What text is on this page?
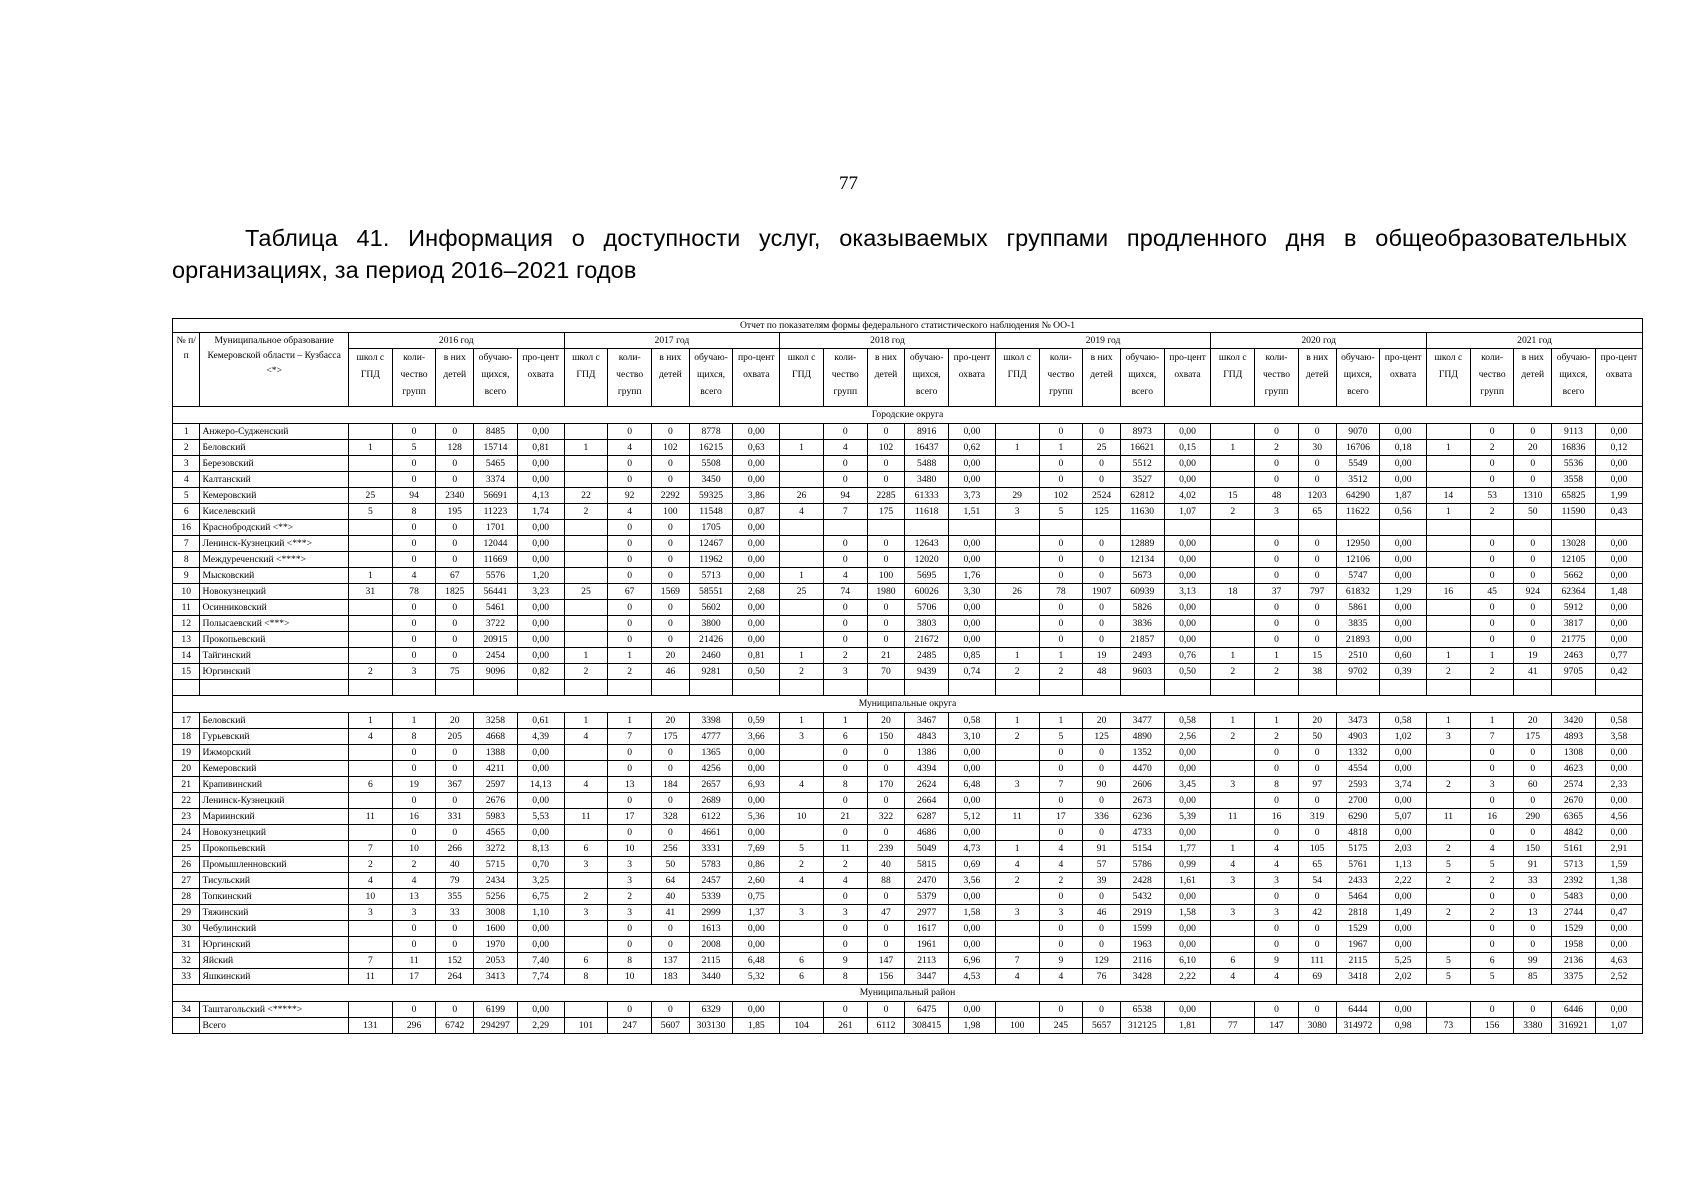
77
Таблица 41. Информация о доступности услуг, оказываемых группами продленного дня в общеобразовательных организациях, за период 2016–2021 годов
Отчет по показателям формы федерального статистического наблюдения № ОО-1																															
№ п/п	Муниципальное образование Кемеровской области – Кузбасса <*>	2016 год					2017 год					2018 год					2019 год					2020 год					2021 год				
		школ с ГПД	коли-чество групп	в них детей	обучаю-щихся, всего	про-цент охвата	школ с ГПД	коли-чество групп	в них детей	обучаю-щихся, всего	про-цент охвата	школ с ГПД	коли-чество групп	в них детей	обучаю-щихся, всего	про-цент охвата	школ с ГПД	коли-чество групп	в них детей	обучаю-щихся, всего	про-цент охвата	школ с ГПД	коли-чество групп	в них детей	обучаю-щихся, всего	про-цент охвата	школ с ГПД	коли-чество групп	в них детей	обучаю-щихся, всего	про-цент охвата
Городские округа																															
1	Анжеро-Судженский		0	0	8485	0,00		0	0	8778	0,00		0	0	8916	0,00		0	0	8973	0,00		0	0	9070	0,00		0	0	9113	0,00
2	Беловский	1	5	128	15714	0,81	1	4	102	16215	0,63	1	4	102	16437	0,62	1	1	25	16621	0,15	1	2	30	16706	0,18	1	2	20	16836	0,12
3	Березовский		0	0	5465	0,00		0	0	5508	0,00		0	0	5488	0,00		0	0	5512	0,00		0	0	5549	0,00		0	0	5536	0,00
4	Калтанский		0	0	3374	0,00		0	0	3450	0,00		0	0	3480	0,00		0	0	3527	0,00		0	0	3512	0,00		0	0	3558	0,00
5	Кемеровский	25	94	2340	56691	4,13	22	92	2292	59325	3,86	26	94	2285	61333	3,73	29	102	2524	62812	4,02	15	48	1203	64290	1,87	14	53	1310	65825	1,99
6	Киселевский	5	8	195	11223	1,74	2	4	100	11548	0,87	4	7	175	11618	1,51	3	5	125	11630	1,07	2	3	65	11622	0,56	1	2	50	11590	0,43
16	Краснобродский <**>		0	0	1701	0,00		0	0	1705	0,00																				
7	Ленинск-Кузнецкий <***>		0	0	12044	0,00		0	0	12467	0,00		0	0	12643	0,00		0	0	12889	0,00		0	0	12950	0,00		0	0	13028	0,00
8	Междуреченский <****>		0	0	11669	0,00		0	0	11962	0,00		0	0	12020	0,00		0	0	12134	0,00		0	0	12106	0,00		0	0	12105	0,00
9	Мысковский	1	4	67	5576	1,20		0	0	5713	0,00	1	4	100	5695	1,76		0	0	5673	0,00		0	0	5747	0,00		0	0	5662	0,00
10	Новокузнецкий	31	78	1825	56441	3,23	25	67	1569	58551	2,68	25	74	1980	60026	3,30	26	78	1907	60939	3,13	18	37	797	61832	1,29	16	45	924	62364	1,48
11	Осинниковский		0	0	5461	0,00		0	0	5602	0,00		0	0	5706	0,00		0	0	5826	0,00		0	0	5861	0,00		0	0	5912	0,00
12	Полысаевский <***>		0	0	3722	0,00		0	0	3800	0,00		0	0	3803	0,00		0	0	3836	0,00		0	0	3835	0,00		0	0	3817	0,00
13	Прокопьевский		0	0	20915	0,00		0	0	21426	0,00		0	0	21672	0,00		0	0	21857	0,00		0	0	21893	0,00		0	0	21775	0,00
14	Тайгинский		0	0	2454	0,00	1	1	20	2460	0,81	1	2	21	2485	0,85	1	1	19	2493	0,76	1	1	15	2510	0,60	1	1	19	2463	0,77
15	Юргинский	2	3	75	9096	0,82	2	2	46	9281	0,50	2	3	70	9439	0,74	2	2	48	9603	0,50	2	2	38	9702	0,39	2	2	41	9705	0,42

Муниципальные округа																															
17	Беловский	1	1	20	3258	0,61	1	1	20	3398	0,59	1	1	20	3467	0,58	1	1	20	3477	0,58	1	1	20	3473	0,58	1	1	20	3420	0,58
18	Гурьевский	4	8	205	4668	4,39	4	7	175	4777	3,66	3	6	150	4843	3,10	2	5	125	4890	2,56	2	2	50	4903	1,02	3	7	175	4893	3,58
19	Ижморский		0	0	1388	0,00		0	0	1365	0,00		0	0	1386	0,00		0	0	1352	0,00		0	0	1332	0,00		0	0	1308	0,00
20	Кемеровский		0	0	4211	0,00		0	0	4256	0,00		0	0	4394	0,00		0	0	4470	0,00		0	0	4554	0,00		0	0	4623	0,00
21	Крапивинский	6	19	367	2597	14,13	4	13	184	2657	6,93	4	8	170	2624	6,48	3	7	90	2606	3,45	3	8	97	2593	3,74	2	3	60	2574	2,33
22	Ленинск-Кузнецкий		0	0	2676	0,00		0	0	2689	0,00		0	0	2664	0,00		0	0	2673	0,00		0	0	2700	0,00		0	0	2670	0,00
23	Мариинский	11	16	331	5983	5,53	11	17	328	6122	5,36	10	21	322	6287	5,12	11	17	336	6236	5,39	11	16	319	6290	5,07	11	16	290	6365	4,56
24	Новокузнецкий		0	0	4565	0,00		0	0	4661	0,00		0	0	4686	0,00		0	0	4733	0,00		0	0	4818	0,00		0	0	4842	0,00
25	Прокопьевский	7	10	266	3272	8,13	6	10	256	3331	7,69	5	11	239	5049	4,73	1	4	91	5154	1,77	1	4	105	5175	2,03	2	4	150	5161	2,91
26	Промышленновский	2	2	40	5715	0,70	3	3	50	5783	0,86	2	2	40	5815	0,69	4	4	57	5786	0,99	4	4	65	5761	1,13	5	5	91	5713	1,59
27	Тисульский	4	4	79	2434	3,25		3	64	2457	2,60	4	4	88	2470	3,56	2	2	39	2428	1,61	3	3	54	2433	2,22	2	2	33	2392	1,38
28	Топкинский	10	13	355	5256	6,75	2	2	40	5339	0,75		0	0	5379	0,00		0	0	5432	0,00		0	0	5464	0,00		0	0	5483	0,00
29	Тяжинский	3	3	33	3008	1,10	3	3	41	2999	1,37	3	3	47	2977	1,58	3	3	46	2919	1,58	3	3	42	2818	1,49	2	2	13	2744	0,47
30	Чебулинский		0	0	1600	0,00		0	0	1613	0,00		0	0	1617	0,00		0	0	1599	0,00		0	0	1529	0,00		0	0	1529	0,00
31	Юргинский		0	0	1970	0,00		0	0	2008	0,00		0	0	1961	0,00		0	0	1963	0,00		0	0	1967	0,00		0	0	1958	0,00
32	Яйский	7	11	152	2053	7,40	6	8	137	2115	6,48	6	9	147	2113	6,96	7	9	129	2116	6,10	6	9	111	2115	5,25	5	6	99	2136	4,63
33	Яшкинский	11	17	264	3413	7,74	8	10	183	3440	5,32	6	8	156	3447	4,53	4	4	76	3428	2,22	4	4	69	3418	2,02	5	5	85	3375	2,52
Муниципальный район																															
34	Таштагольский <*****>		0	0	6199	0,00		0	0	6329	0,00		0	0	6475	0,00		0	0	6538	0,00		0	0	6444	0,00		0	0	6446	0,00
	Всего	131	296	6742	294297	2,29	101	247	5607	303130	1,85	104	261	6112	308415	1,98	100	245	5657	312125	1,81	77	147	3080	314972	0,98	73	156	3380	316921	1,07
